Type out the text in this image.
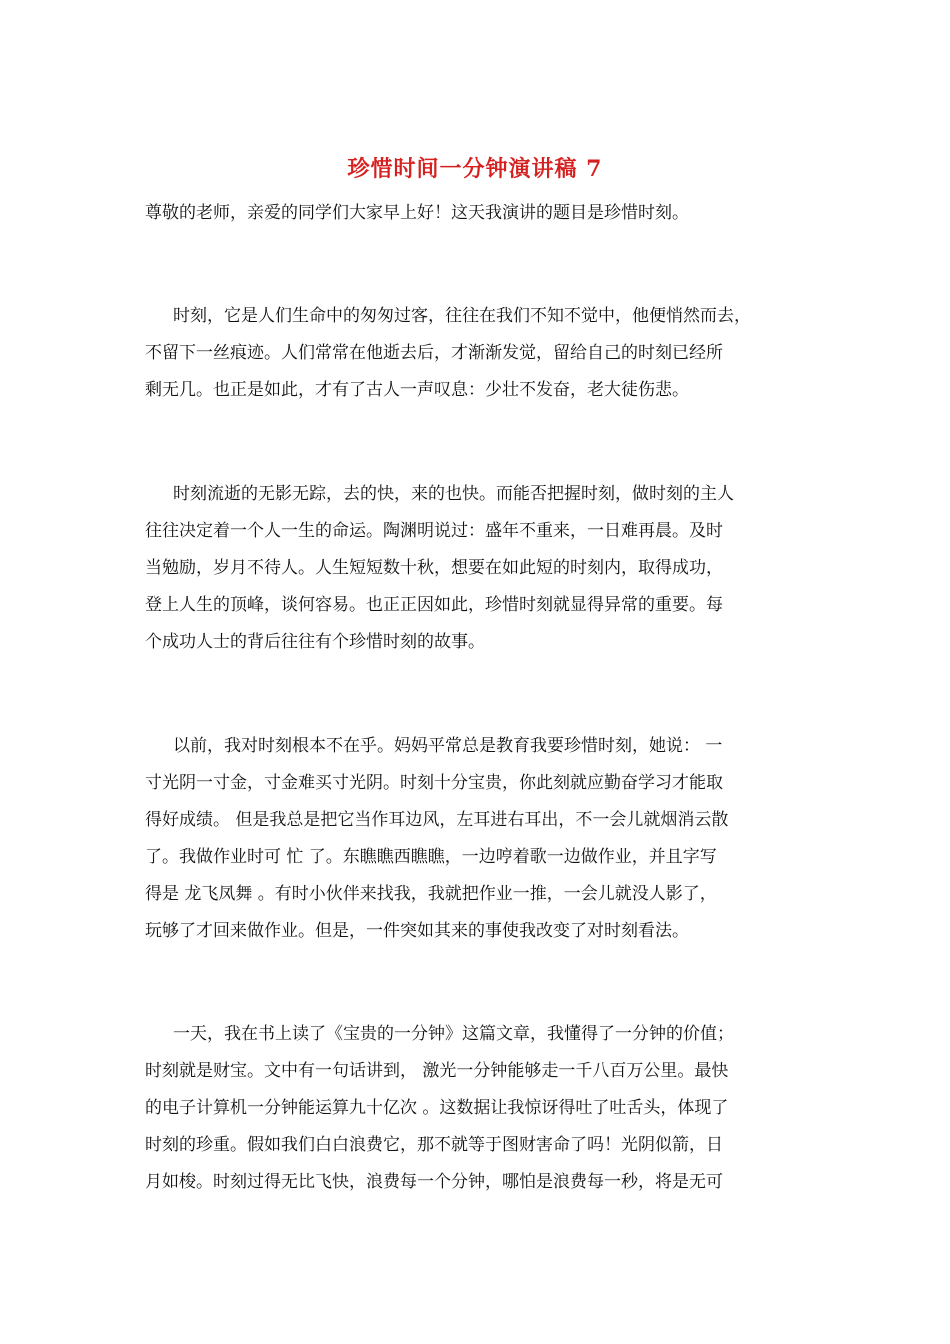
珍惜时间一分钟演讲稿 7
尊敬的老师，亲爱的同学们大家早上好！这天我演讲的题目是珍惜时刻。
时刻，它是人们生命中的匆匆过客，往往在我们不知不觉中，他便悄然而去，
不留下一丝痕迹。人们常常在他逝去后，才渐渐发觉，留给自己的时刻已经所
剩无几。也正是如此，才有了古人一声叹息：少壮不发奋，老大徒伤悲。
时刻流逝的无影无踪，去的快，来的也快。而能否把握时刻，做时刻的主人
往往决定着一个人一生的命运。陶渊明说过：盛年不重来，一日难再晨。及时
当勉励，岁月不待人。人生短短数十秋，想要在如此短的时刻内，取得成功，
登上人生的顶峰，谈何容易。也正正因如此，珍惜时刻就显得异常的重要。每
个成功人士的背后往往有个珍惜时刻的故事。
以前，我对时刻根本不在乎。妈妈平常总是教育我要珍惜时刻，她说： 一
寸光阴一寸金，寸金难买寸光阴。时刻十分宝贵，你此刻就应勤奋学习才能取
得好成绩。 但是我总是把它当作耳边风，左耳进右耳出，不一会儿就烟消云散
了。我做作业时可 忙 了。东瞧瞧西瞧瞧，一边哼着歌一边做作业，并且字写
得是 龙飞凤舞 。有时小伙伴来找我，我就把作业一推，一会儿就没人影了，
玩够了才回来做作业。但是，一件突如其来的事使我改变了对时刻看法。
一天，我在书上读了《宝贵的一分钟》这篇文章，我懂得了一分钟的价值；
时刻就是财宝。文中有一句话讲到， 激光一分钟能够走一千八百万公里。最快
的电子计算机一分钟能运算九十亿次 。这数据让我惊讶得吐了吐舌头，体现了
时刻的珍重。假如我们白白浪费它，那不就等于图财害命了吗！光阴似箭，日
月如梭。时刻过得无比飞快，浪费每一个分钟，哪怕是浪费每一秒，将是无可
